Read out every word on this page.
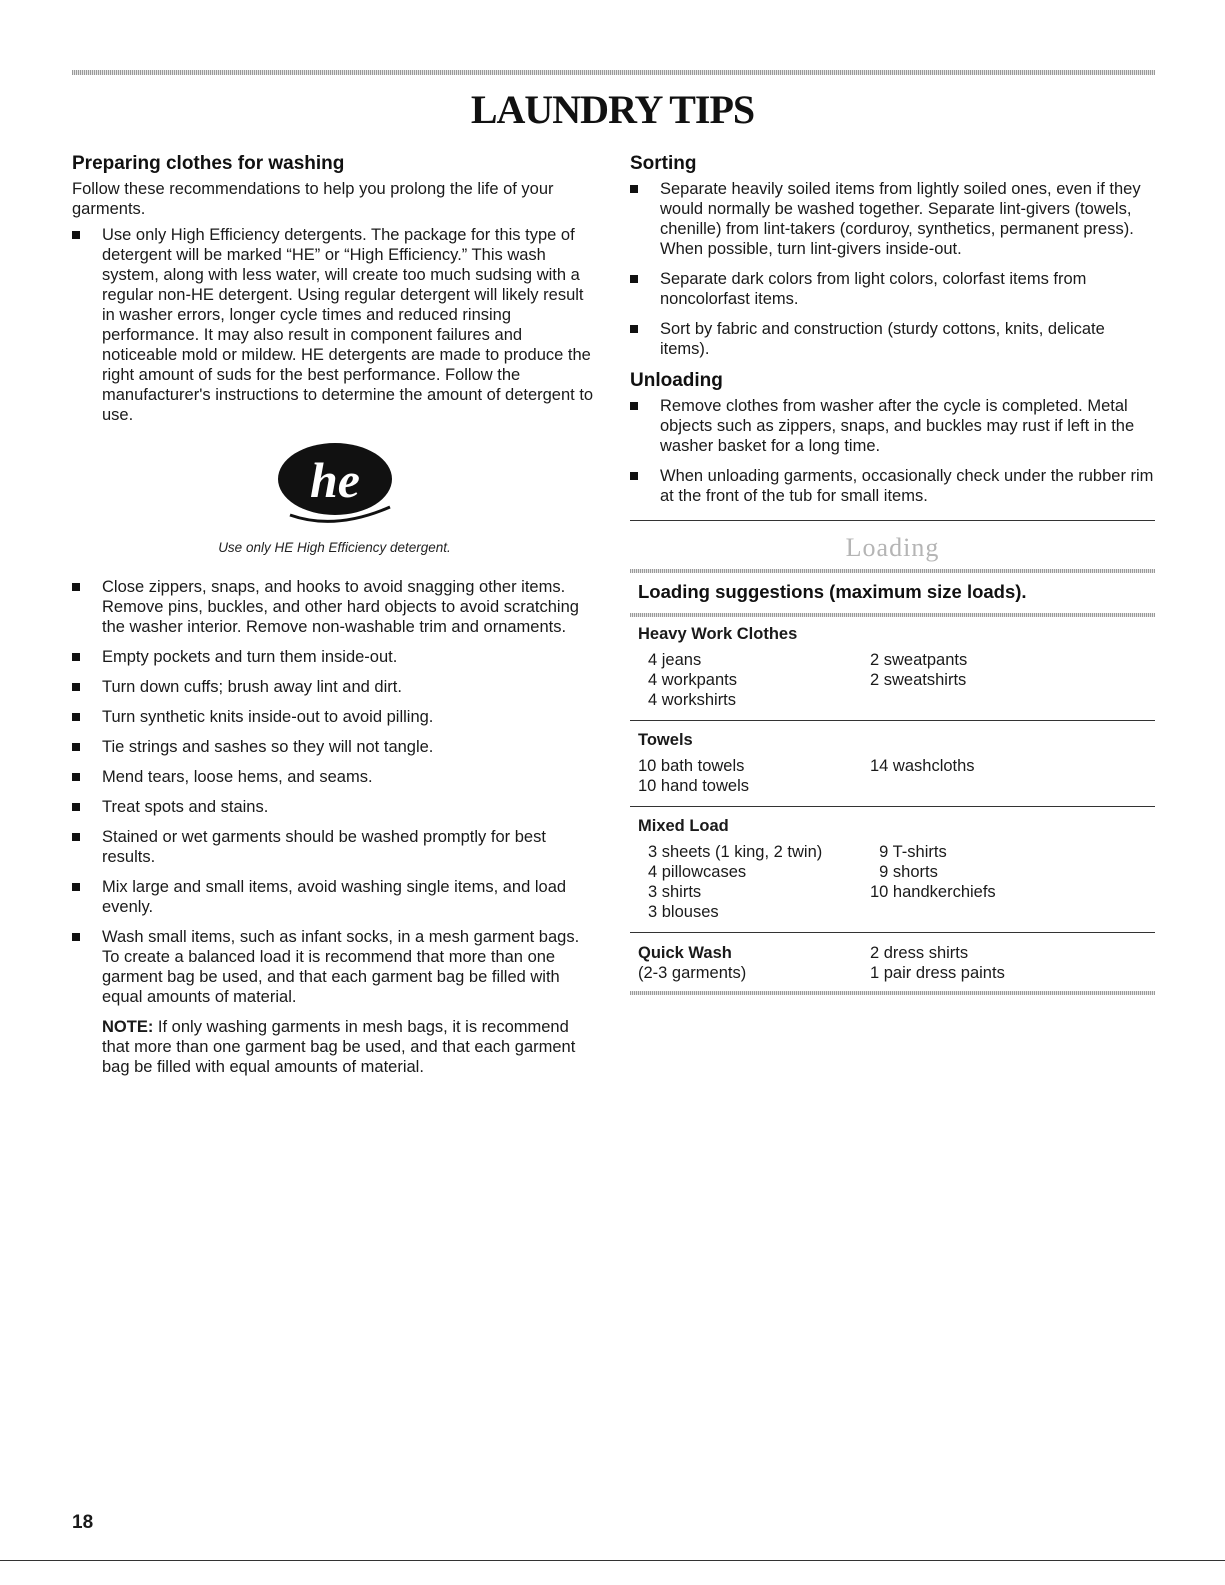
LAUNDRY TIPS
Preparing clothes for washing

Follow these recommendations to help you prolong the life of your garments.

Use only High Efficiency detergents. The package for this type of detergent will be marked “HE” or “High Efficiency.” This wash system, along with less water, will create too much sudsing with a regular non-HE detergent. Using regular detergent will likely result in washer errors, longer cycle times and reduced rinsing performance. It may also result in component failures and noticeable mold or mildew. HE detergents are made to produce the right amount of suds for the best performance. Follow the manufacturer's instructions to determine the amount of detergent to use.
he
Use only HE High Efficiency detergent.
Close zippers, snaps, and hooks to avoid snagging other items. Remove pins, buckles, and other hard objects to avoid scratching the washer interior. Remove non-washable trim and ornaments.
Empty pockets and turn them inside-out.
Turn down cuffs; brush away lint and dirt.
Turn synthetic knits inside-out to avoid pilling.
Tie strings and sashes so they will not tangle.
Mend tears, loose hems, and seams.
Treat spots and stains.
Stained or wet garments should be washed promptly for best results.
Mix large and small items, avoid washing single items, and load evenly.
Wash small items, such as infant socks, in a mesh garment bags. To create a balanced load it is recommend that more than one garment bag be used, and that each garment bag be filled with equal amounts of material.

NOTE: If only washing garments in mesh bags, it is recommend that more than one garment bag be used, and that each garment bag be filled with equal amounts of material.

Sorting
Separate heavily soiled items from lightly soiled ones, even if they would normally be washed together. Separate lint-givers (towels, chenille) from lint-takers (corduroy, synthetics, permanent press). When possible, turn lint-givers inside-out.
Separate dark colors from light colors, colorfast items from noncolorfast items.
Sort by fabric and construction (sturdy cottons, knits, delicate items).
Unloading
Remove clothes from washer after the cycle is completed. Metal objects such as zippers, snaps, and buckles may rust if left in the washer basket for a long time.
When unloading garments, occasionally check under the rubber rim at the front of the tub for small items.
Loading
Loading suggestions (maximum size loads).
Heavy Work Clothes
4 jeans	2 sweatpants
4 workpants	2 sweatshirts
4 workshirts
Towels
10 bath towels	14 washcloths
10 hand towels
Mixed Load
3 sheets (1 king, 2 twin)	9 T-shirts
4 pillowcases	9 shorts
3 shirts	10 handkerchiefs
3 blouses
Quick Wash	2 dress shirts
(2-3 garments)	1 pair dress paints
18
